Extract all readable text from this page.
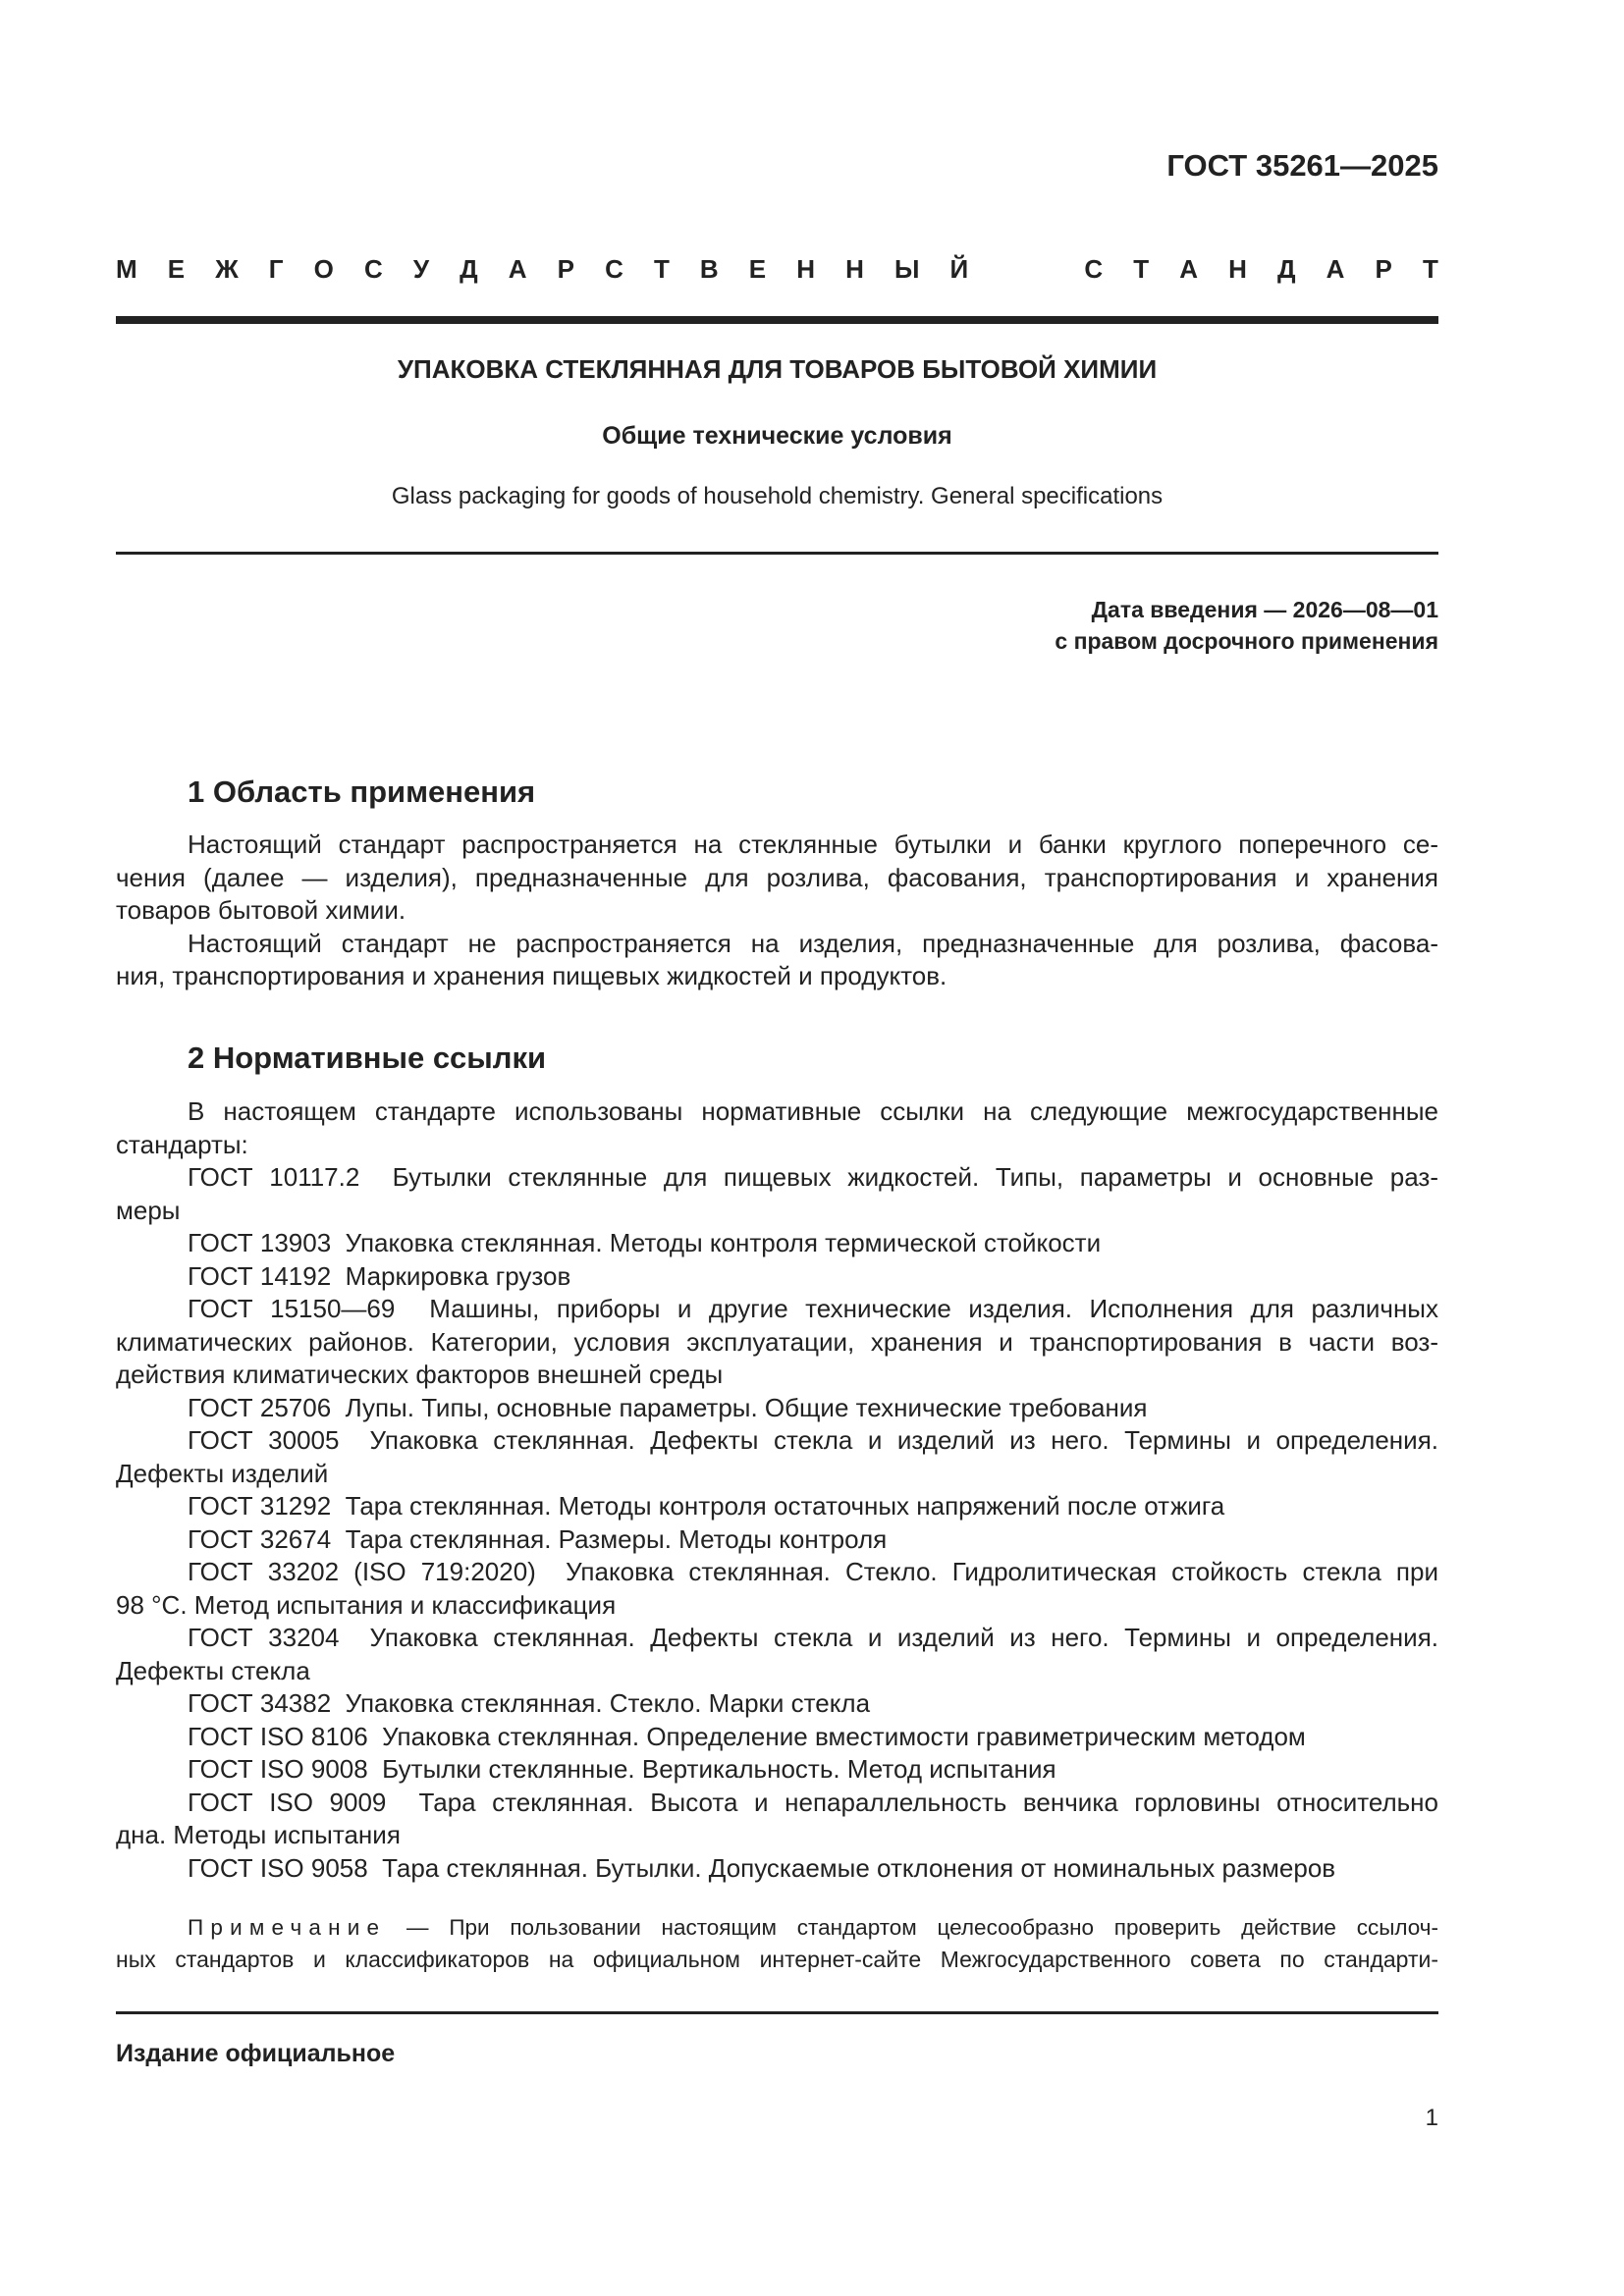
ГОСТ 35261—2025
М Е Ж Г О С У Д А Р С Т В Е Н Н Ы Й	С Т А Н Д А Р Т
УПАКОВКА СТЕКЛЯННАЯ ДЛЯ ТОВАРОВ БЫТОВОЙ ХИМИИ
Общие технические условия
Glass packaging for goods of household chemistry. General specifications
Дата введения — 2026—08—01
с правом досрочного применения
1 Область применения
Настоящий стандарт распространяется на стеклянные бутылки и банки круглого поперечного се-
чения (далее — изделия), предназначенные для розлива, фасования, транспортирования и хранения
товаров бытовой химии.
Настоящий стандарт не распространяется на изделия, предназначенные для розлива, фасова-
ния, транспортирования и хранения пищевых жидкостей и продуктов.
2 Нормативные ссылки
В настоящем стандарте использованы нормативные ссылки на следующие межгосударственные
стандарты:
ГОСТ 10117.2 Бутылки стеклянные для пищевых жидкостей. Типы, параметры и основные раз-
меры
ГОСТ 13903 Упаковка стеклянная. Методы контроля термической стойкости
ГОСТ 14192 Маркировка грузов
ГОСТ 15150—69 Машины, приборы и другие технические изделия. Исполнения для различных
климатических районов. Категории, условия эксплуатации, хранения и транспортирования в части воз-
действия климатических факторов внешней среды
ГОСТ 25706 Лупы. Типы, основные параметры. Общие технические требования
ГОСТ 30005 Упаковка стеклянная. Дефекты стекла и изделий из него. Термины и определения.
Дефекты изделий
ГОСТ 31292 Тара стеклянная. Методы контроля остаточных напряжений после отжига
ГОСТ 32674 Тара стеклянная. Размеры. Методы контроля
ГОСТ 33202 (ISO 719:2020) Упаковка стеклянная. Стекло. Гидролитическая стойкость стекла при
98 °С. Метод испытания и классификация
ГОСТ 33204 Упаковка стеклянная. Дефекты стекла и изделий из него. Термины и определения.
Дефекты стекла
ГОСТ 34382 Упаковка стеклянная. Стекло. Марки стекла
ГОСТ ISO 8106 Упаковка стеклянная. Определение вместимости гравиметрическим методом
ГОСТ ISO 9008 Бутылки стеклянные. Вертикальность. Метод испытания
ГОСТ ISO 9009 Тара стеклянная. Высота и непараллельность венчика горловины относительно
дна. Методы испытания
ГОСТ ISO 9058 Тара стеклянная. Бутылки. Допускаемые отклонения от номинальных размеров
Примечание — При пользовании настоящим стандартом целесообразно проверить действие ссылоч-
ных стандартов и классификаторов на официальном интернет-сайте Межгосударственного совета по стандарти-
Издание официальное
1
